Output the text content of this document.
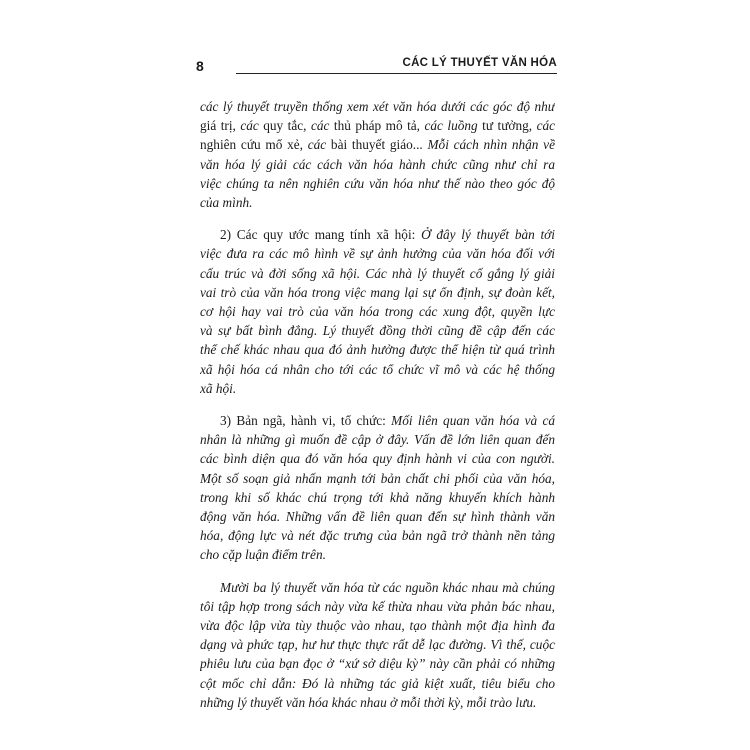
8	CÁC LÝ THUYẾT VĂN HÓA

các lý thuyết truyền thống xem xét văn hóa dưới các góc độ như
giá trị, các quy tắc, các thủ pháp mô tả, các luồng tư tưởng, các
nghiên cứu mổ xẻ, các bài thuyết giáo... Mỗi cách nhìn nhận về
văn hóa lý giải các cách văn hóa hành chức cũng như chỉ ra
việc chúng ta nên nghiên cứu văn hóa như thế nào theo góc độ
của mình.

2) Các quy ước mang tính xã hội: Ở đây lý thuyết bàn tới
việc đưa ra các mô hình về sự ảnh hưởng của văn hóa đối với
cấu trúc và đời sống xã hội. Các nhà lý thuyết cố gắng lý giải
vai trò của văn hóa trong việc mang lại sự ổn định, sự đoàn kết,
cơ hội hay vai trò của văn hóa trong các xung đột, quyền lực
và sự bất bình đẳng. Lý thuyết đồng thời cũng đề cập đến các
thể chế khác nhau qua đó ảnh hưởng được thể hiện từ quá trình
xã hội hóa cá nhân cho tới các tổ chức vĩ mô và các hệ thống
xã hội.

3) Bản ngã, hành vi, tổ chức: Mối liên quan văn hóa và cá
nhân là những gì muốn đề cập ở đây. Vấn đề lớn liên quan đến
các bình diện qua đó văn hóa quy định hành vi của con người.
Một số soạn giả nhấn mạnh tới bản chất chi phối của văn hóa,
trong khi số khác chú trọng tới khả năng khuyến khích hành
động văn hóa. Những vấn đề liên quan đến sự hình thành văn
hóa, động lực và nét đặc trưng của bản ngã trở thành nền tảng
cho cặp luận điểm trên.

Mười ba lý thuyết văn hóa từ các nguồn khác nhau mà chúng
tôi tập hợp trong sách này vừa kế thừa nhau vừa phản bác nhau,
vừa độc lập vừa tùy thuộc vào nhau, tạo thành một địa hình đa
dạng và phức tạp, hư hư thực thực rất dễ lạc đường. Vì thế, cuộc
phiêu lưu của bạn đọc ở “xứ sở diệu kỳ” này cần phải có những
cột mốc chỉ dẫn: Đó là những tác giả kiệt xuất, tiêu biểu cho
những lý thuyết văn hóa khác nhau ở mỗi thời kỳ, mỗi trào lưu.
